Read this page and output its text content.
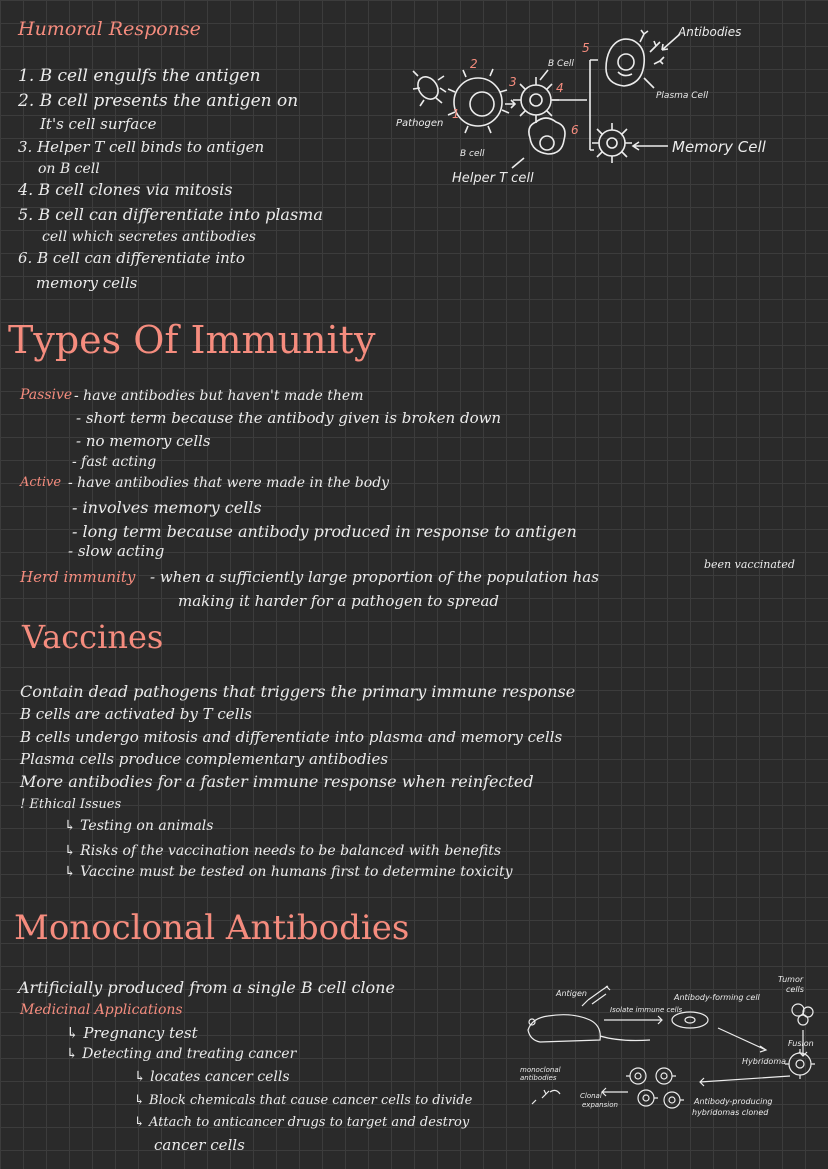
Humoral Response
1. B cell engulfs the antigen
2. B cell presents the antigen on
It's cell surface
3. Helper T cell binds to antigen
on B cell
4. B cell clones via mitosis
5. B cell can differentiate into plasma
cell which secretes antibodies
6. B cell can differentiate into
memory cells
1
2
3	4
5
6
Antibodies
Plasma Cell
B Cell
Pathogen
B cell
Helper T cell
Memory Cell
Types Of Immunity
Passive - have antibodies but haven't made them
- short term because the antibody given is broken down
- no memory cells
- fast acting
Active - have antibodies that were made in the body
- involves memory cells
- long term because antibody produced in response to antigen
- slow acting
Herd immunity - when a sufficiently large proportion of the population has
making it harder for a pathogen to spread
been vaccinated
Vaccines
Contain dead pathogens that triggers the primary immune response
B cells are activated by T cells
B cells undergo mitosis and differentiate into plasma and memory cells
Plasma cells produce complementary antibodies
More antibodies for a faster immune response when reinfected
! Ethical Issues
↳ Testing on animals
↳ Risks of the vaccination needs to be balanced with benefits
↳ Vaccine must be tested on humans first to determine toxicity
Monoclonal Antibodies
Artificially produced from a single B cell clone
Medicinal Applications
↳ Pregnancy test
↳ Detecting and treating cancer
↳ locates cancer cells
↳ Block chemicals that cause cancer cells to divide
↳ Attach to anticancer drugs to target and destroy
cancer cells
Antigen
Isolate immune cells
Antibody-forming cell
Tumor
cells
Fusion
Hybridoma
monoclonal
antibodies
Clonal
expansion	Antibody-producing
hybridomas cloned
